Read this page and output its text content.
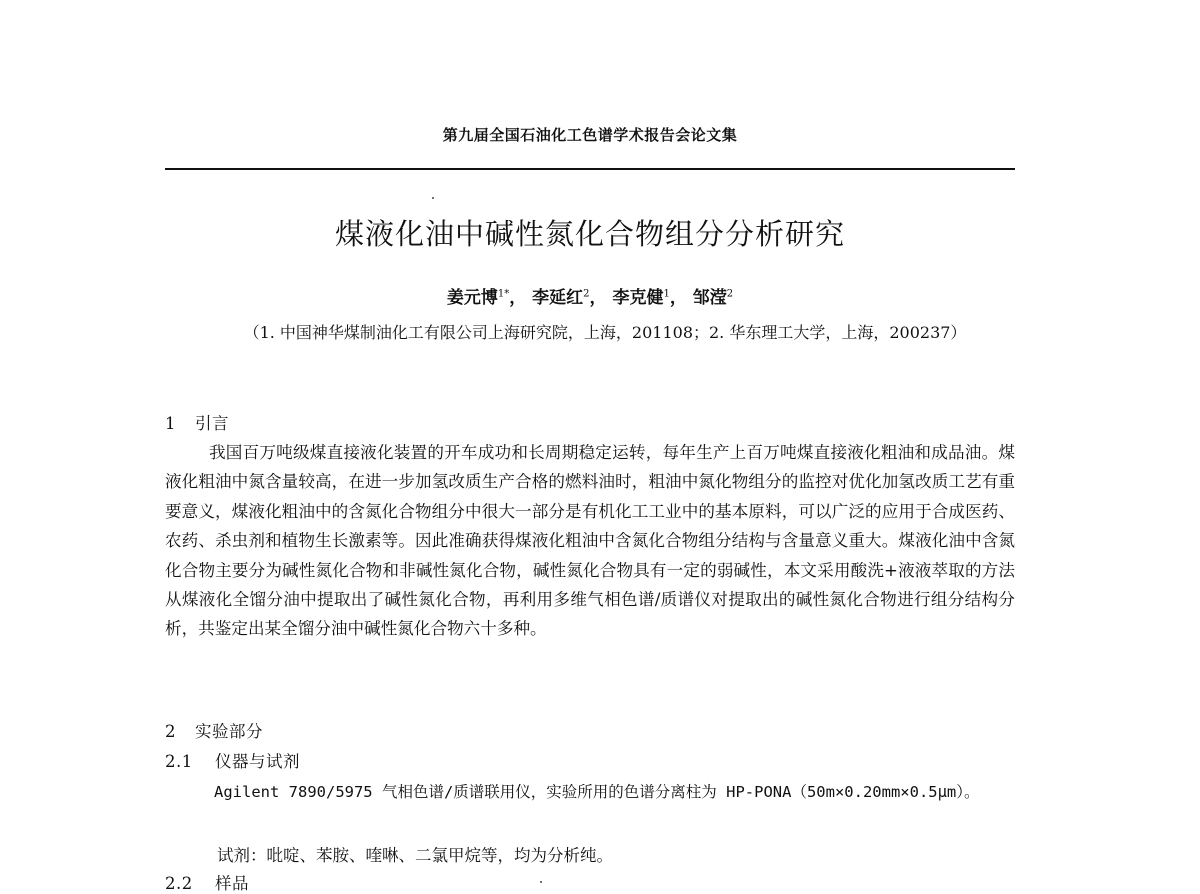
第九届全国石油化工色谱学术报告会论文集
煤液化油中碱性氮化合物组分分析研究

姜元博$^{1*}$， 李延红$^2$， 李克健$^1$， 邹滢$^2$

（1. 中国神华煤制油化工有限公司上海研究院，上海，201108；2. 华东理工大学，上海，200237）

1 引言

我国百万吨级煤直接液化装置的开车成功和长周期稳定运转，每年生产上百万吨煤直接液化粗油和成品油。煤液化粗油中氮含量较高，在进一步加氢改质生产合格的燃料油时，粗油中氮化物组分的监控对优化加氢改质工艺有重要意义，煤液化粗油中的含氮化合物组分中很大一部分是有机化工工业中的基本原料，可以广泛的应用于合成医药、农药、杀虫剂和植物生长激素等。因此准确获得煤液化粗油中含氮化合物组分结构与含量意义重大。煤液化油中含氮化合物主要分为碱性氮化合物和非碱性氮化合物，碱性氮化合物具有一定的弱碱性，本文采用酸洗+液液萃取的方法从煤液化全馏分油中提取出了碱性氮化合物，再利用多维气相色谱/质谱仪对提取出的碱性氮化合物进行组分结构分析，共鉴定出某全馏分油中碱性氮化合物六十多种。

2 实验部分
2.1 仪器与试剂

Agilent 7890/5975 气相色谱/质谱联用仪，实验所用的色谱分离柱为 HP-PONA（50m×0.20mm×0.5μm）。

试剂：吡啶、苯胺、喹啉、二氯甲烷等，均为分析纯。

2.2 样品
